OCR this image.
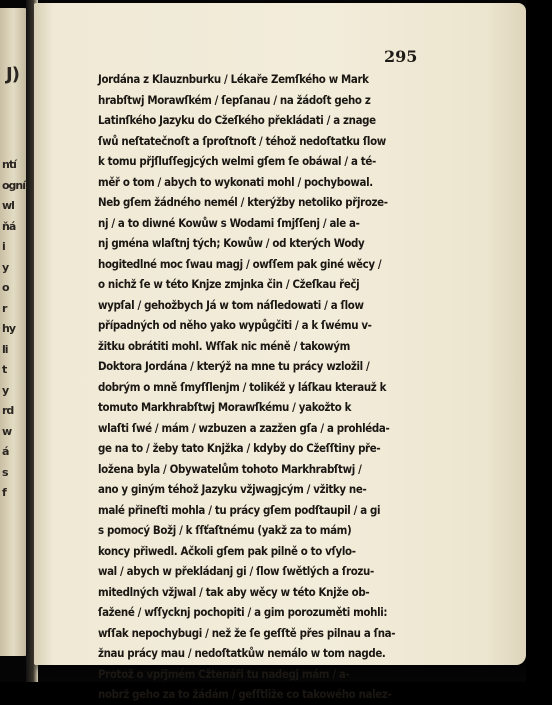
J)
ntí
ogní
wl
ňá
i
y
o
r
hy
li
t
y
rd
w
á
s
f
295
Jordána z Klauznburku / Lékaře Zemſkého w Mark
hrabſtwj Morawſkém / ſepſanau / na žádoſt geho z
Latinſkého Jazyku do Cžeſkého překládati / a znage
ſwů neſtatečnoſt a ſproſtnoſt / téhož nedoſtatku ſlow
k tomu přjſluſſegjcých welmi gſem ſe obáwal / a té-
měř o tom / abych to wykonati mohl / pochybowal.
Neb gſem žádného nemél / kterýžby netoliko přjroze-
nj / a to diwné Kowůw s Wodami ſmjſſenj / ale a-
nj gména wlaſtnj tých; Kowůw / od kterých Wody
hogitedlné moc ſwau magj / owſſem pak giné wěcy /
o nichž ſe w této Knjze zmjnka čin / Cžeſkau řečj
wypſal / gehožbych Já w tom náſledowati / a ſlow
případných od něho yako wypůgčiti / a k ſwému v-
žitku obrátiti mohl. Wſſak nic méně / takowým
Doktora Jordána / kterýž na mne tu prácy wzložil /
dobrým o mně ſmyſſlenjm / tolikéž y láſkau kterauž k
tomuto Markhrabſtwj Morawſkému / yakožto k
wlaſti ſwé / mám / wzbuzen a zazžen gſa / a prohléda-
ge na to / žeby tato Knjžka / kdyby do Cžeſſtiny pře-
ložena byla / Obywatelům tohoto Markhrabſtwj /
ano y giným téhož Jazyku vžjwagjcým / vžitky ne-
malé přineſti mohla / tu prácy gſem podſtaupil / a gi
s pomocý Božj / k ſſťaſtnému (yakž za to mám)
koncy přiwedl. Ačkoli gſem pak pilně o to vſylo-
wal / abych w překládanj gi / ſlow ſwětlých a ſrozu-
mitedlných vžjwal / tak aby wěcy w této Knjže ob-
ſažené / wſſycknj pochopiti / a gim porozuměti mohli:
wſſak nepochybugi / než že ſe geſſtě přes pilnau a ſna-
žnau prácy mau / nedoſtatkůw nemálo w tom nagde.
Protož o vpřjmém Cžtenáři tu nadegj mám / a-
nobrž geho za to žádám / geſſtliže co takowého nalez-
